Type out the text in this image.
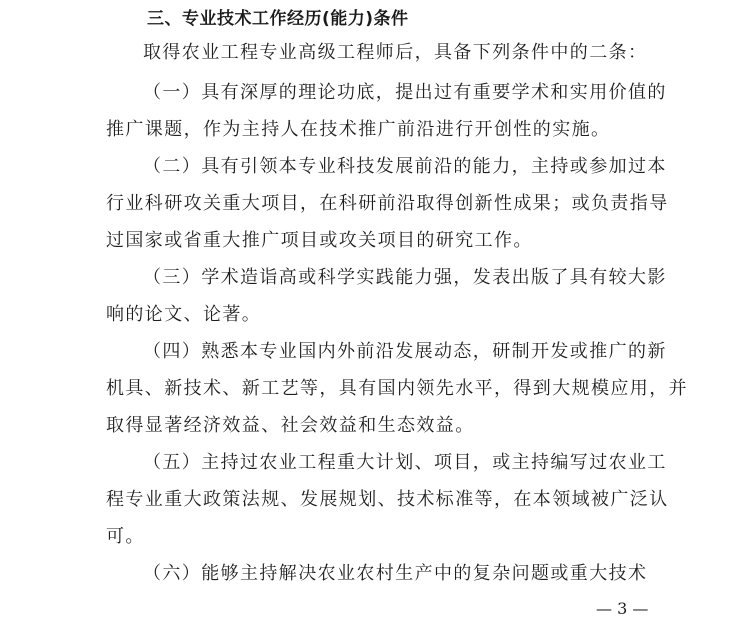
三、专业技术工作经历(能力)条件
取得农业工程专业高级工程师后，具备下列条件中的二条：
（一）具有深厚的理论功底，提出过有重要学术和实用价值的
推广课题，作为主持人在技术推广前沿进行开创性的实施。
（二）具有引领本专业科技发展前沿的能力，主持或参加过本
行业科研攻关重大项目，在科研前沿取得创新性成果；或负责指导
过国家或省重大推广项目或攻关项目的研究工作。
（三）学术造诣高或科学实践能力强，发表出版了具有较大影
响的论文、论著。
（四）熟悉本专业国内外前沿发展动态，研制开发或推广的新
机具、新技术、新工艺等，具有国内领先水平，得到大规模应用，并
取得显著经济效益、社会效益和生态效益。
（五）主持过农业工程重大计划、项目，或主持编写过农业工
程专业重大政策法规、发展规划、技术标准等，在本领域被广泛认
可。
（六）能够主持解决农业农村生产中的复杂问题或重大技术
— 3 —
